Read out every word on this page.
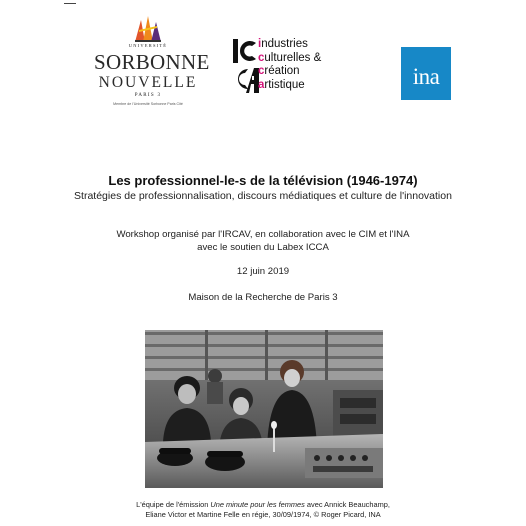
UNIVERSITÉ
SORBONNE
NOUVELLE
PARIS 3
Membre de l'Université Sorbonne Paris Cité
industries
culturelles &
création
artistique	ina
Les professionnel-le-s de la télévision (1946-1974)
Stratégies de professionnalisation, discours médiatiques et culture de l'innovation
Workshop organisé par l'IRCAV, en collaboration avec le CIM et l'INA
avec le soutien du Labex ICCA
12 juin 2019
Maison de la Recherche de Paris 3
L'équipe de l'émission Une minute pour les femmes avec Annick Beauchamp,
Eliane Victor et Martine Felle en régie, 30/09/1974, © Roger Picard, INA
